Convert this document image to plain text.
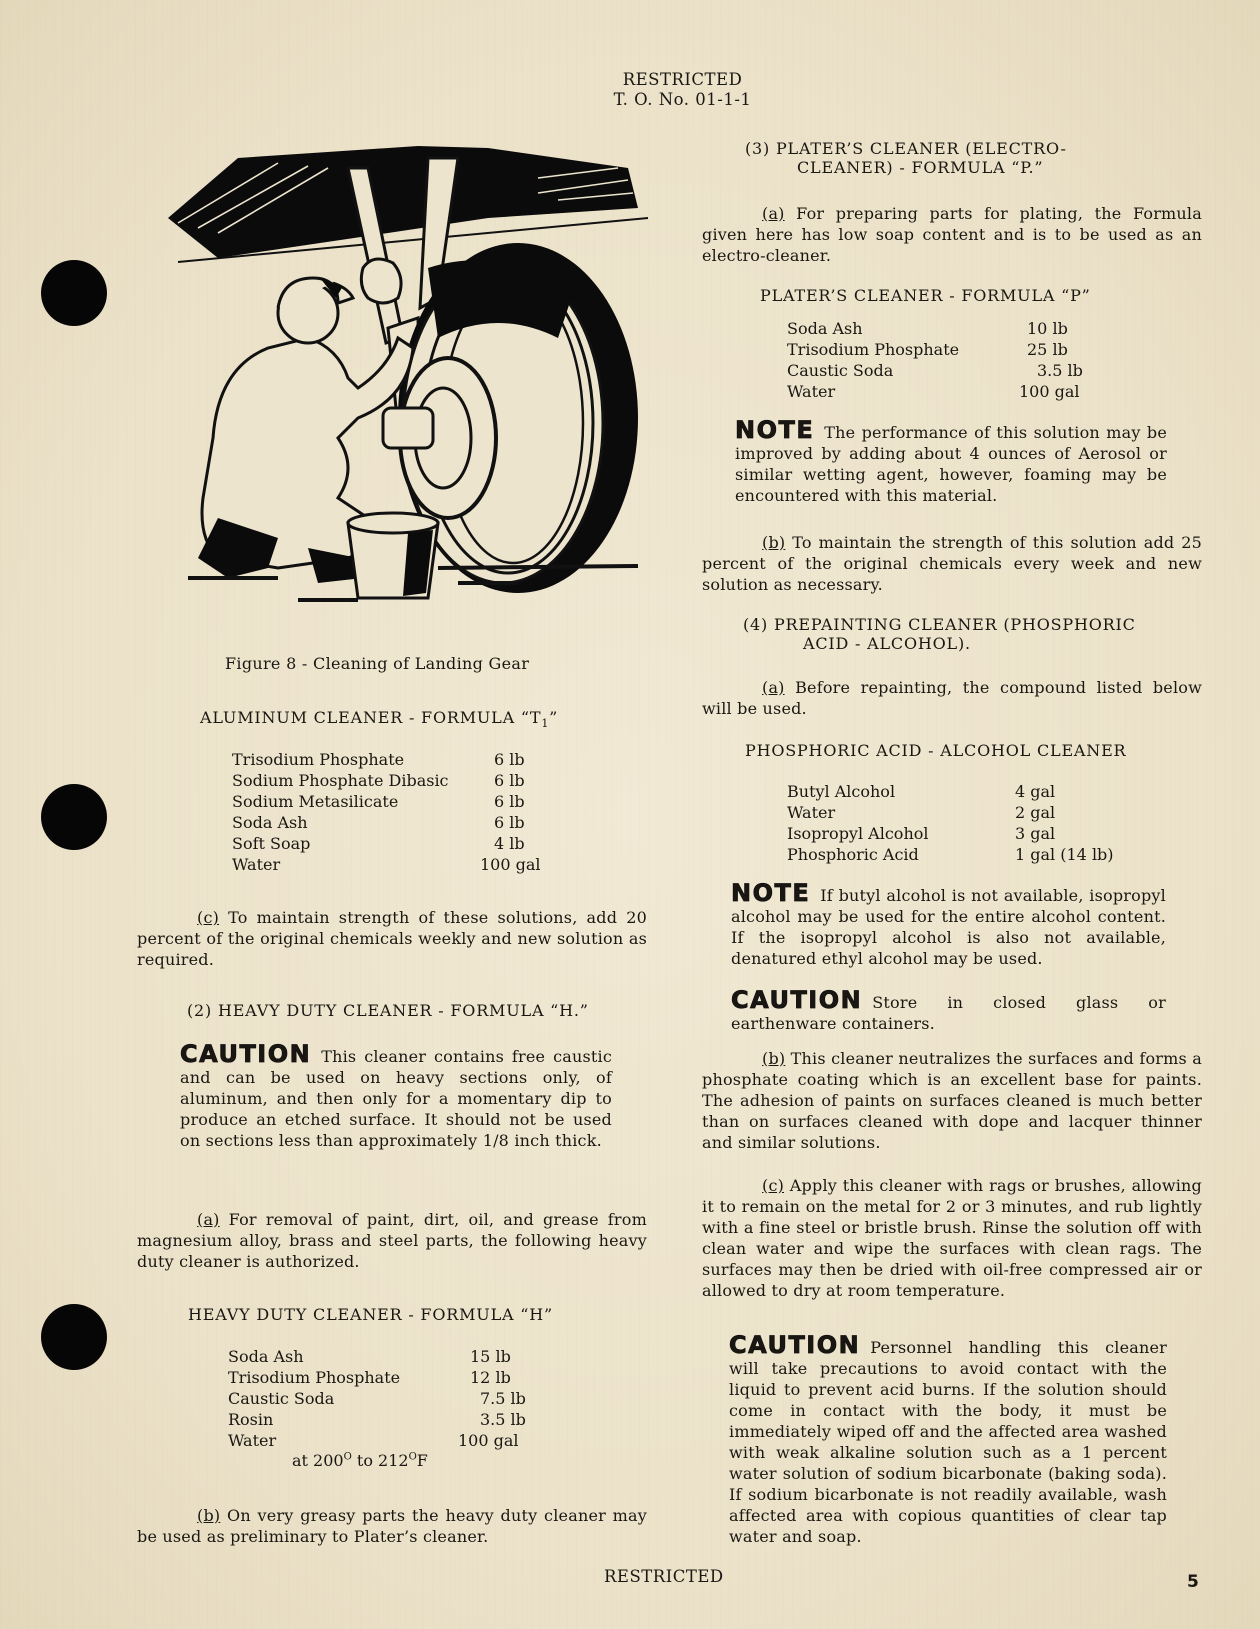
RESTRICTED
T. O. No. 01-1-1
Figure 8 - Cleaning of Landing Gear
ALUMINUM CLEANER - FORMULA “$T_1$”
Trisodium Phosphate	6 lb
Sodium Phosphate Dibasic	6 lb
Sodium Metasilicate	6 lb
Soda Ash	6 lb
Soft Soap	4 lb
Water	100 gal
(c) To maintain strength of these solutions, add 20 percent of the original chemicals weekly and new solution as required.
(2) HEAVY DUTY CLEANER - FORMULA “H.”
CAUTION This cleaner contains free caustic and can be used on heavy sections only, of aluminum, and then only for a momentary dip to produce an etched surface. It should not be used on sections less than approximately 1/8 inch thick.
(a) For removal of paint, dirt, oil, and grease from magnesium alloy, brass and steel parts, the following heavy duty cleaner is authorized.
HEAVY DUTY CLEANER - FORMULA “H”
Soda Ash	15 lb
Trisodium Phosphate	12 lb
Caustic Soda	7.5 lb
Rosin	3.5 lb
Water	100 gal
at $200^O$ to $212^OF$
(b) On very greasy parts the heavy duty cleaner may be used as preliminary to Plater’s cleaner.
(3) PLATER’S CLEANER (ELECTRO-
CLEANER) - FORMULA “P.”
(a) For preparing parts for plating, the Formula given here has low soap content and is to be used as an electro-cleaner.
PLATER’S CLEANER - FORMULA “P”
Soda Ash	10 lb
Trisodium Phosphate	25 lb
Caustic Soda	3.5 lb
Water	100 gal
NOTE The performance of this solution may be improved by adding about 4 ounces of Aerosol or similar wetting agent, however, foaming may be encountered with this material.
(b) To maintain the strength of this solution add 25 percent of the original chemicals every week and new solution as necessary.
(4) PREPAINTING CLEANER (PHOSPHORIC
ACID - ALCOHOL).
(a) Before repainting, the compound listed below will be used.
PHOSPHORIC ACID - ALCOHOL CLEANER
Butyl Alcohol	4 gal
Water	2 gal
Isopropyl Alcohol	3 gal
Phosphoric Acid	1 gal (14 lb)
NOTE If butyl alcohol is not available, isopropyl alcohol may be used for the entire alcohol content. If the isopropyl alcohol is also not available, denatured ethyl alcohol may be used.
CAUTION Store in closed glass or earthenware containers.
(b) This cleaner neutralizes the surfaces and forms a phosphate coating which is an excellent base for paints. The adhesion of paints on surfaces cleaned is much better than on surfaces cleaned with dope and lacquer thinner and similar solutions.
(c) Apply this cleaner with rags or brushes, allowing it to remain on the metal for 2 or 3 minutes, and rub lightly with a fine steel or bristle brush. Rinse the solution off with clean water and wipe the surfaces with clean rags. The surfaces may then be dried with oil-free compressed air or allowed to dry at room temperature.
CAUTION Personnel handling this cleaner will take precautions to avoid contact with the liquid to prevent acid burns. If the solution should come in contact with the body, it must be immediately wiped off and the affected area washed with weak alkaline solution such as a 1 percent water solution of sodium bicarbonate (baking soda). If sodium bicarbonate is not readily available, wash affected area with copious quantities of clear tap water and soap.
RESTRICTED	5
